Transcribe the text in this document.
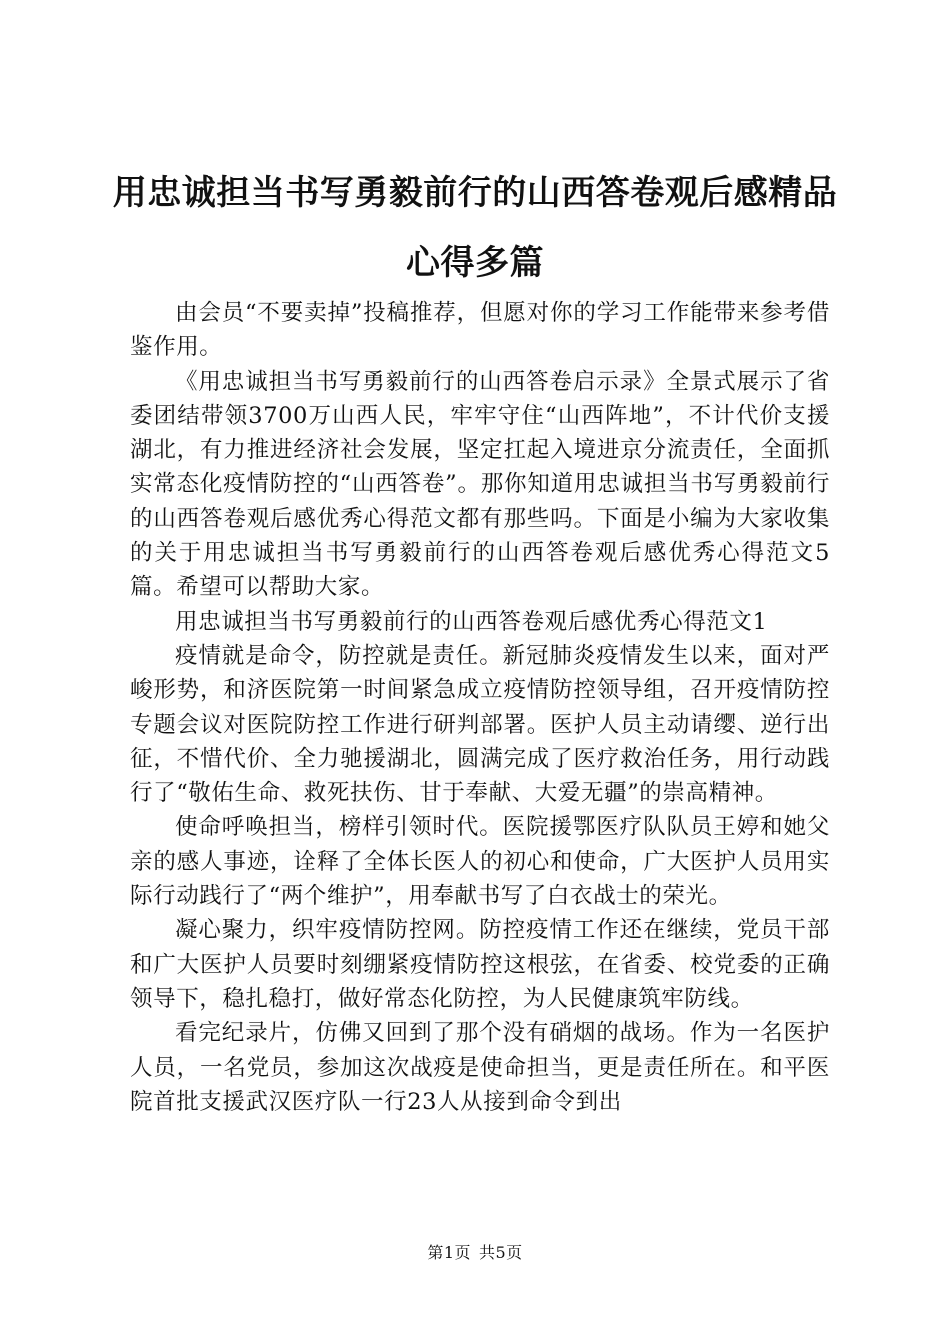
用忠诚担当书写勇毅前行的山西答卷观后感精品心得多篇

由会员“不要卖掉”投稿推荐，但愿对你的学习工作能带来参考借鉴作用。

《用忠诚担当书写勇毅前行的山西答卷启示录》全景式展示了省委团结带领3700万山西人民，牢牢守住“山西阵地”，不计代价支援湖北，有力推进经济社会发展，坚定扛起入境进京分流责任，全面抓实常态化疫情防控的“山西答卷”。那你知道用忠诚担当书写勇毅前行的山西答卷观后感优秀心得范文都有那些吗。下面是小编为大家收集的关于用忠诚担当书写勇毅前行的山西答卷观后感优秀心得范文5篇。希望可以帮助大家。

用忠诚担当书写勇毅前行的山西答卷观后感优秀心得范文1

疫情就是命令，防控就是责任。新冠肺炎疫情发生以来，面对严峻形势，和济医院第一时间紧急成立疫情防控领导组，召开疫情防控专题会议对医院防控工作进行研判部署。医护人员主动请缨、逆行出征，不惜代价、全力驰援湖北，圆满完成了医疗救治任务，用行动践行了“敬佑生命、救死扶伤、甘于奉献、大爱无疆”的崇高精神。

使命呼唤担当，榜样引领时代。医院援鄂医疗队队员王婷和她父亲的感人事迹，诠释了全体长医人的初心和使命，广大医护人员用实际行动践行了“两个维护”，用奉献书写了白衣战士的荣光。

凝心聚力，织牢疫情防控网。防控疫情工作还在继续，党员干部和广大医护人员要时刻绷紧疫情防控这根弦，在省委、校党委的正确领导下，稳扎稳打，做好常态化防控，为人民健康筑牢防线。

看完纪录片，仿佛又回到了那个没有硝烟的战场。作为一名医护人员，一名党员，参加这次战疫是使命担当，更是责任所在。和平医院首批支援武汉医疗队一行23人从接到命令到出

第1页 共5页
